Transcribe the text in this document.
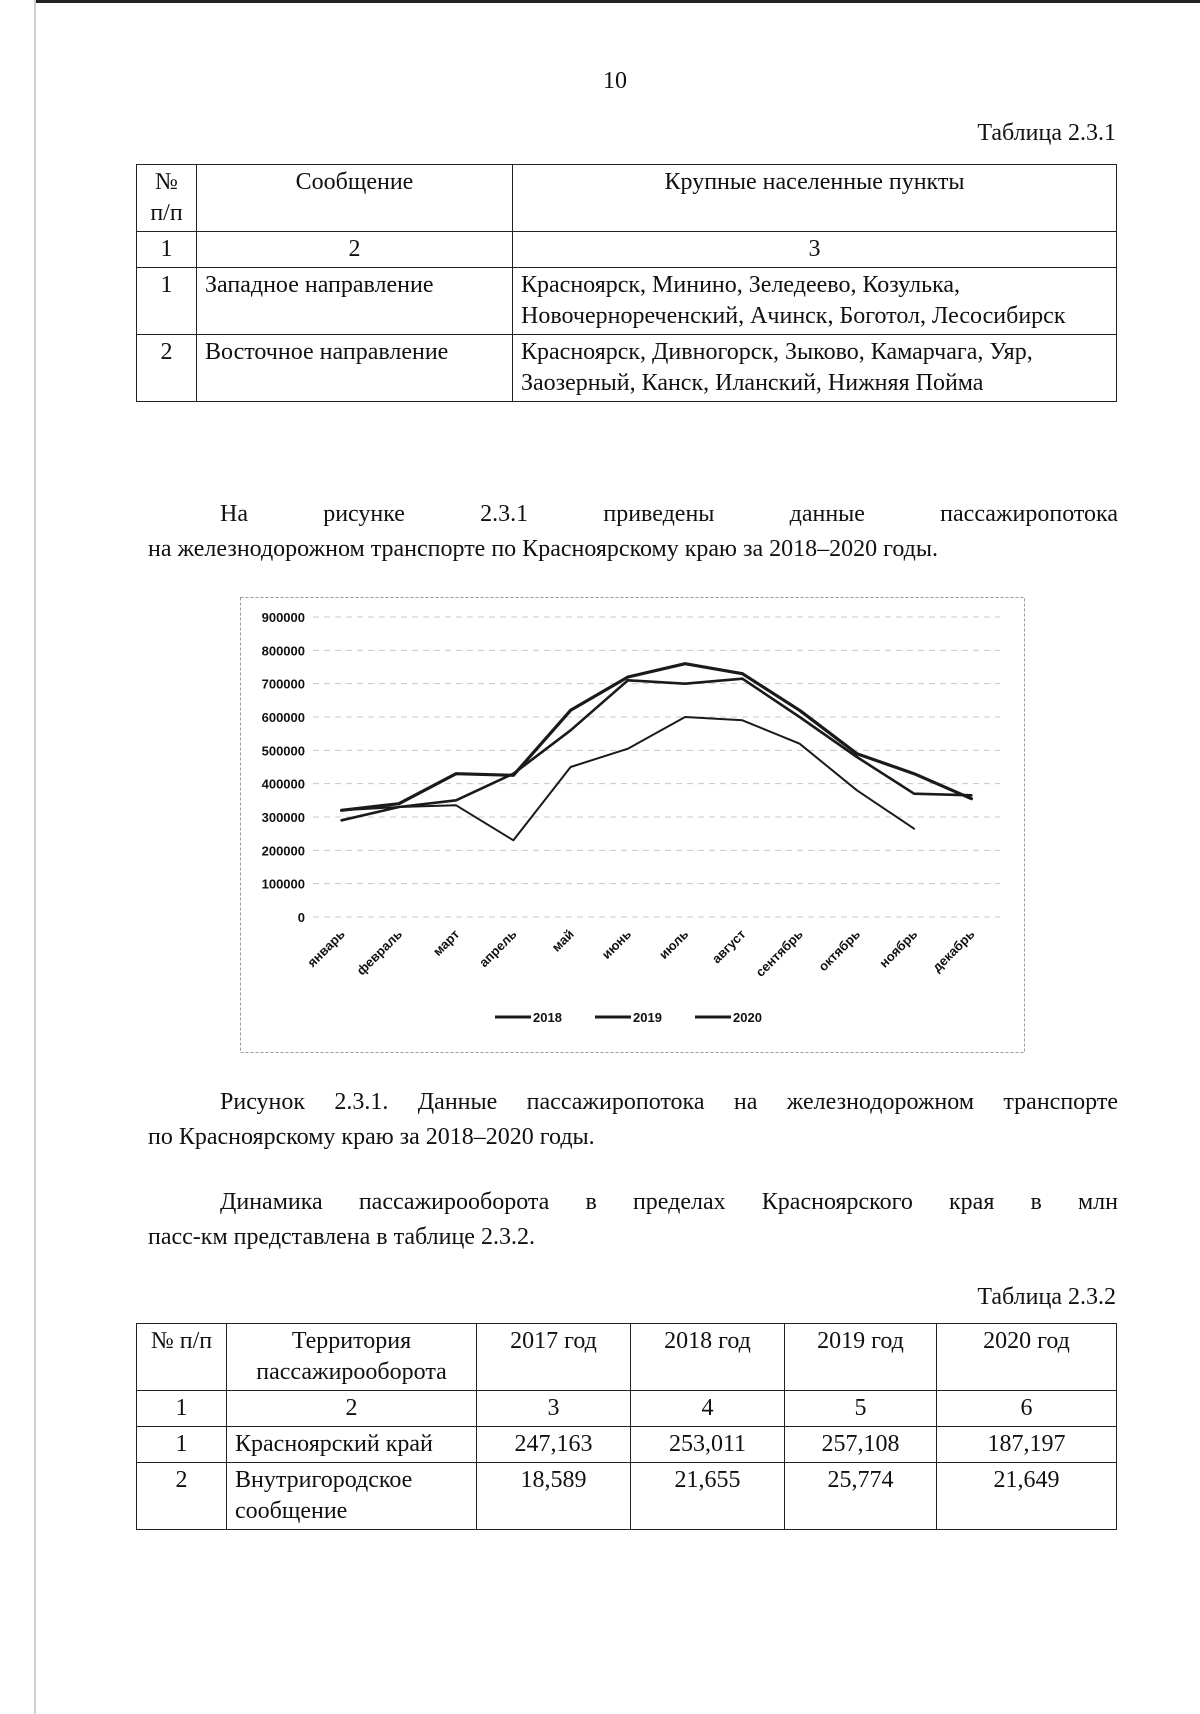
10
Таблица 2.3.1
№ п/п	Сообщение	Крупные населенные пункты
1	2	3
1	Западное направление	Красноярск, Минино, Зеледеево, Козулька, Новочернореченский, Ачинск, Боготол, Лесосибирск
2	Восточное направление	Красноярск, Дивногорск, Зыково, Камарчага, Уяр, Заозерный, Канск, Иланский, Нижняя Пойма
На рисунке 2.3.1 приведены данные пассажиропотока
на железнодорожном транспорте по Красноярскому краю за 2018–2020 годы.
0
100000
200000
300000
400000
500000
600000
700000
800000
900000
январь февраль март апрель май июнь июль август сентябрь октябрь ноябрь декабрь
2018	2019	2020
Рисунок 2.3.1. Данные пассажиропотока на железнодорожном транспорте
по Красноярскому краю за 2018–2020 годы.
Динамика пассажирооборота в пределах Красноярского края в млн
пасс-км представлена в таблице 2.3.2.
Таблица 2.3.2
№ п/п	Территория пассажирооборота	2017 год	2018 год	2019 год	2020 год
1	2	3	4	5	6
1	Красноярский край	247,163	253,011	257,108	187,197
2	Внутригородское сообщение	18,589	21,655	25,774	21,649
